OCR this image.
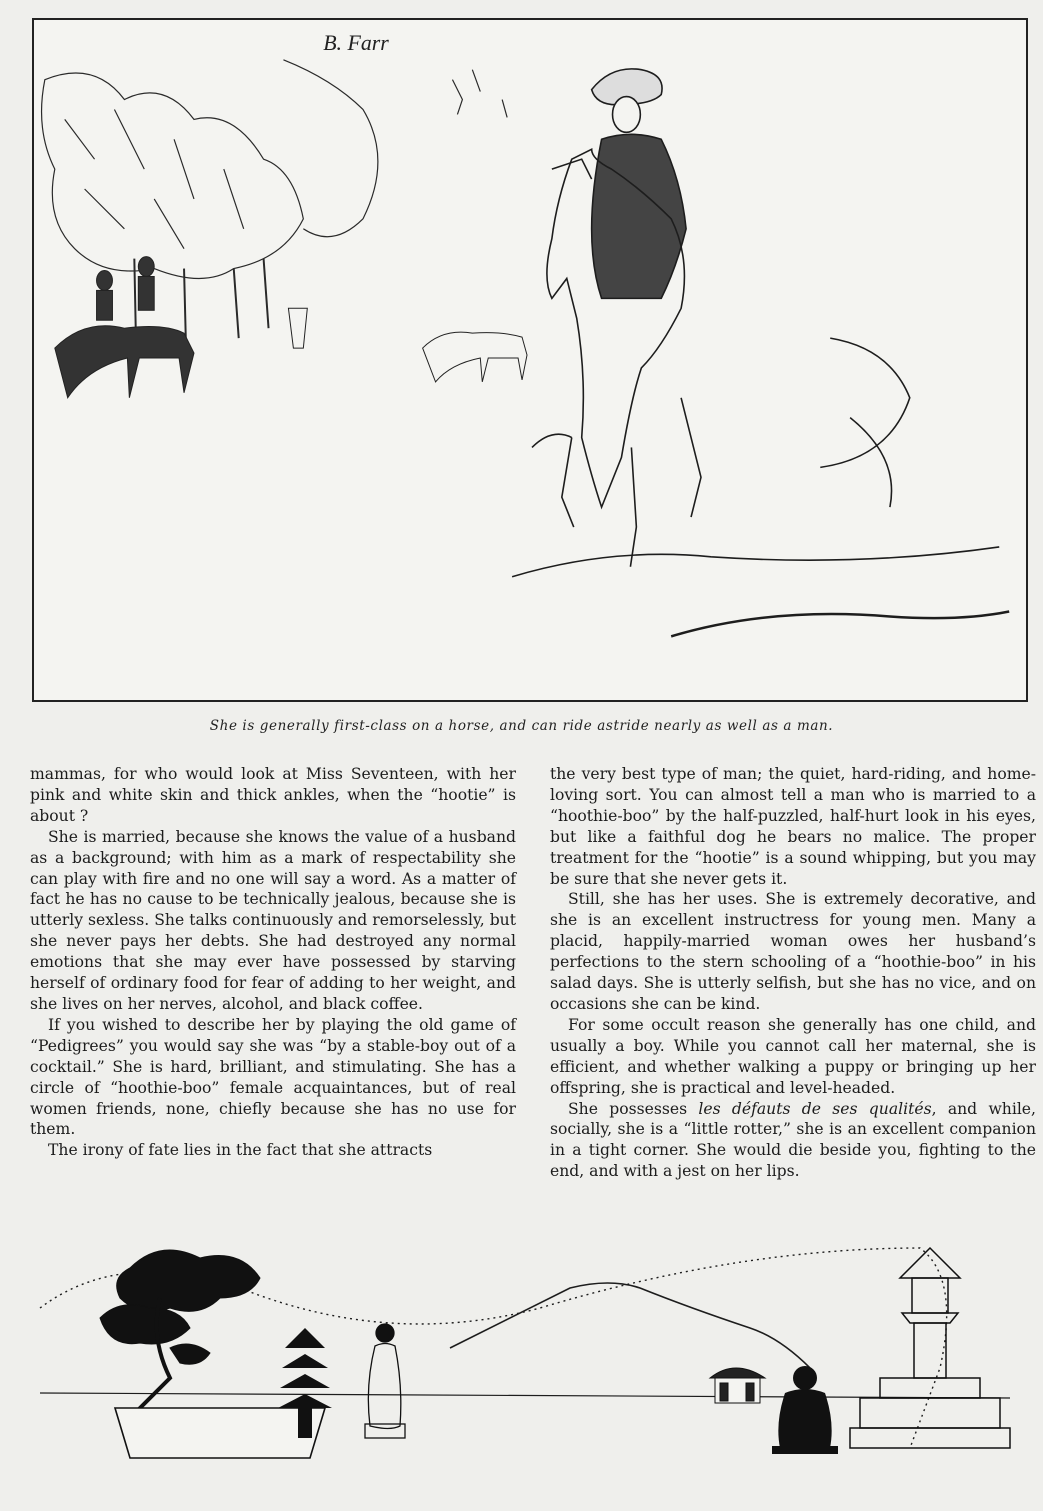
B. Farr
She is generally first-class on a horse, and can ride astride nearly as well as a man.

mammas, for who would look at Miss Seventeen, with her pink and white skin and thick ankles, when the “hootie” is about ?

She is married, because she knows the value of a husband as a background; with him as a mark of respectability she can play with fire and no one will say a word. As a matter of fact he has no cause to be technically jealous, because she is utterly sexless. She talks continuously and remorselessly, but she never pays her debts. She had destroyed any normal emotions that she may ever have possessed by starving herself of ordinary food for fear of adding to her weight, and she lives on her nerves, alcohol, and black coffee.

If you wished to describe her by playing the old game of “Pedigrees” you would say she was “by a stable-boy out of a cocktail.” She is hard, brilliant, and stimulating. She has a circle of “hoothie-boo” female acquaintances, but of real women friends, none, chiefly because she has no use for them.

The irony of fate lies in the fact that she attracts

the very best type of man; the quiet, hard-riding, and home-loving sort. You can almost tell a man who is married to a “hoothie-boo” by the half-puzzled, half-hurt look in his eyes, but like a faithful dog he bears no malice. The proper treatment for the “hootie” is a sound whipping, but you may be sure that she never gets it.

Still, she has her uses. She is extremely decorative, and she is an excellent instructress for young men. Many a placid, happily-married woman owes her husband’s perfections to the stern schooling of a “hoothie-boo” in his salad days. She is utterly selfish, but she has no vice, and on occasions she can be kind.

For some occult reason she generally has one child, and usually a boy. While you cannot call her maternal, she is efficient, and whether walking a puppy or bringing up her offspring, she is practical and level-headed.

She possesses les défauts de ses qualités, and while, socially, she is a “little rotter,” she is an excellent companion in a tight corner. She would die beside you, fighting to the end, and with a jest on her lips.
